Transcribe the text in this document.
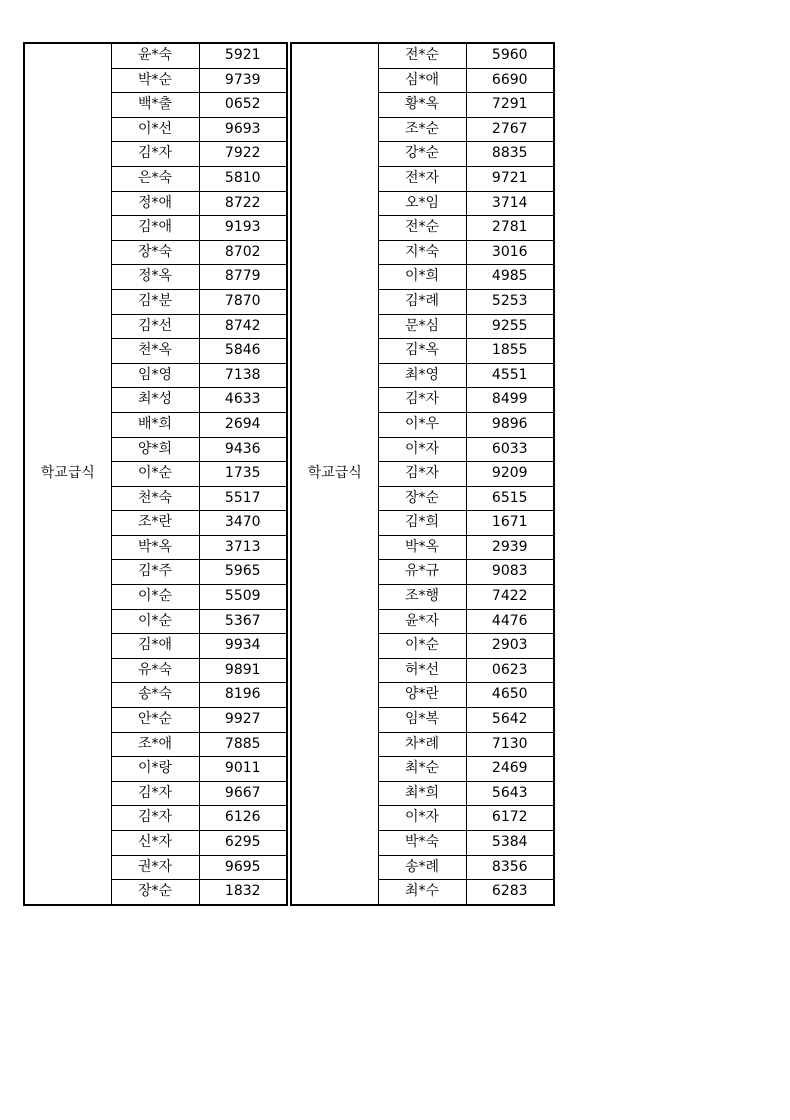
학교급식	윤*숙	5921
	박*순	9739
	백*출	0652
	이*선	9693
	김*자	7922
	은*숙	5810
	정*애	8722
	김*애	9193
	장*숙	8702
	정*옥	8779
	김*분	7870
	김*선	8742
	천*옥	5846
	임*영	7138
	최*성	4633
	배*희	2694
	양*희	9436
	이*순	1735
	천*숙	5517
	조*란	3470
	박*옥	3713
	김*주	5965
	이*순	5509
	이*순	5367
	김*애	9934
	유*숙	9891
	송*숙	8196
	안*순	9927
	조*애	7885
	이*랑	9011
	김*자	9667
	김*자	6126
	신*자	6295
	권*자	9695
	장*순	1832
학교급식	전*순	5960
	심*애	6690
	황*옥	7291
	조*순	2767
	강*순	8835
	전*자	9721
	오*임	3714
	전*순	2781
	지*숙	3016
	이*희	4985
	김*례	5253
	문*심	9255
	김*옥	1855
	최*영	4551
	김*자	8499
	이*우	9896
	이*자	6033
	김*자	9209
	장*순	6515
	김*희	1671
	박*옥	2939
	유*규	9083
	조*행	7422
	윤*자	4476
	이*순	2903
	허*선	0623
	양*란	4650
	임*복	5642
	차*례	7130
	최*순	2469
	최*희	5643
	이*자	6172
	박*숙	5384
	송*례	8356
	최*수	6283
